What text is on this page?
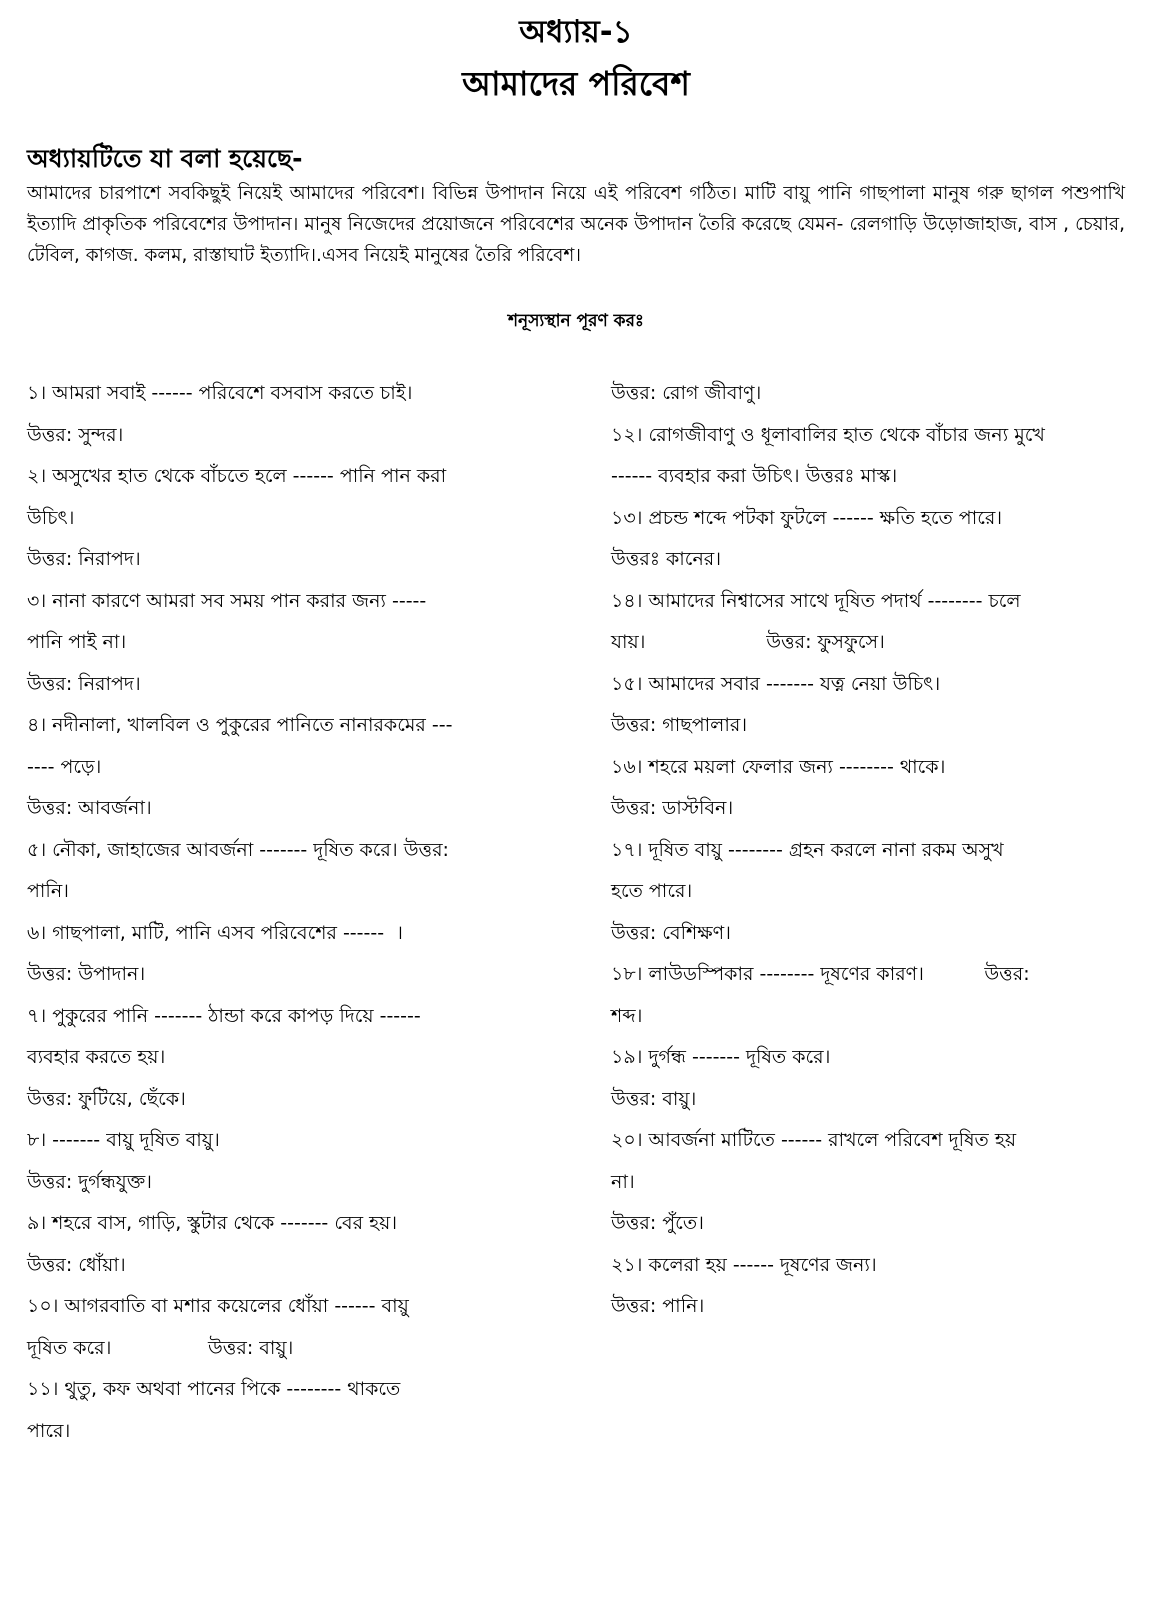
অধ্যায়-১
আমাদের পরিবেশ
অধ্যায়টিতে যা বলা হয়েছে-
আমাদের চারপাশে সবকিছুই নিয়েই আমাদের পরিবেশ। বিভিন্ন উপাদান নিয়ে এই পরিবেশ গঠিত। মাটি বায়ু পানি গাছপালা মানুষ গরু ছাগল পশুপাখি ইত্যাদি প্রাকৃতিক পরিবেশের উপাদান। মানুষ নিজেদের প্রয়োজনে পরিবেশের অনেক উপাদান তৈরি করেছে যেমন- রেলগাড়ি উড়োজাহাজ, বাস , চেয়ার, টেবিল, কাগজ. কলম, রাস্তাঘাট ইত্যাদি।.এসব নিয়েই মানুষের তৈরি পরিবেশ।
শনূস্যস্থান পূরণ করঃ
১। আমরা সবাই ------ পরিবেশে বসবাস করতে চাই।
উত্তর: সুন্দর।
২। অসুখের হাত থেকে বাঁচতে হলে ------ পানি পান করা
উচিৎ।
উত্তর: নিরাপদ।
৩। নানা কারণে আমরা সব সময় পান করার জন্য -----
পানি পাই না।
উত্তর: নিরাপদ।
৪। নদীনালা, খালবিল ও পুকুরের পানিতে নানারকমের ---
---- পড়ে।
উত্তর: আবর্জনা।
৫। নৌকা, জাহাজের আবর্জনা ------- দূষিত করে। উত্তর:
পানি।
৬। গাছপালা, মাটি, পানি এসব পরিবেশের ------  ।
উত্তর: উপাদান।
৭। পুকুরের পানি ------- ঠান্ডা করে কাপড় দিয়ে ------
ব্যবহার করতে হয়।
উত্তর: ফুটিয়ে, ছেঁকে।
৮। ------- বায়ু দূষিত বায়ু।
উত্তর: দুর্গন্ধযুক্ত।
৯। শহরে বাস, গাড়ি, স্কুটার থেকে ------- বের হয়।
উত্তর: ধোঁয়া।
১০। আগরবাতি বা মশার কয়েলের ধোঁয়া ------ বায়ু
দূষিত করে।                উত্তর: বায়ু।
১১। থুতু, কফ অথবা পানের পিকে -------- থাকতে
পারে।
উত্তর: রোগ জীবাণু।
১২। রোগজীবাণু ও ধূলাবালির হাত থেকে বাঁচার জন্য মুখে
------ ব্যবহার করা উচিৎ। উত্তরঃ মাস্ক।
১৩। প্রচন্ড শব্দে পটকা ফুটলে ------ ক্ষতি হতে পারে।
উত্তরঃ কানের।
১৪। আমাদের নিশ্বাসের সাথে দূষিত পদার্থ -------- চলে
যায়।                    উত্তর: ফুসফুসে।
১৫। আমাদের সবার ------- যত্ন নেয়া উচিৎ।
উত্তর: গাছপালার।
১৬। শহরে ময়লা ফেলার জন্য -------- থাকে।
উত্তর: ডাস্টবিন।
১৭। দূষিত বায়ু -------- গ্রহন করলে নানা রকম অসুখ
হতে পারে।
উত্তর: বেশিক্ষণ।
১৮। লাউডস্পিকার -------- দূষণের কারণ।          উত্তর:
শব্দ।
১৯। দুর্গন্ধ ------- দূষিত করে।
উত্তর: বায়ু।
২০। আবর্জনা মাটিতে ------ রাখলে পরিবেশ দূষিত হয়
না।
উত্তর: পুঁতে।
২১। কলেরা হয় ------ দূষণের জন্য।
উত্তর: পানি।
